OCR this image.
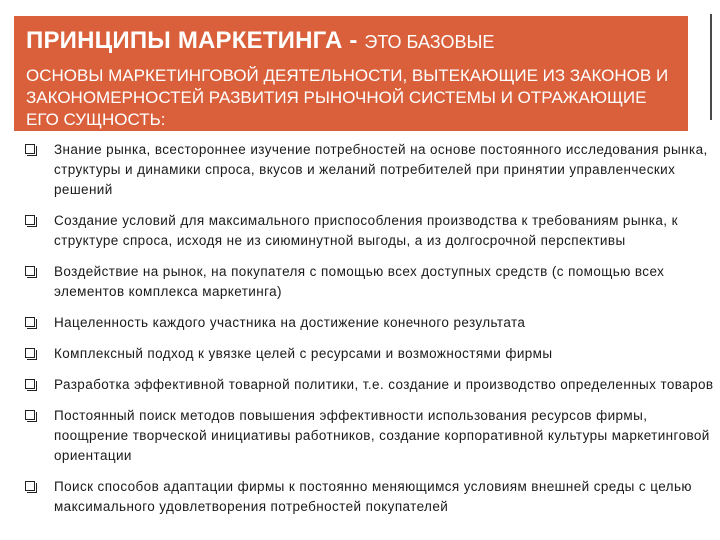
ПРИНЦИПЫ МАРКЕТИНГА - ЭТО БАЗОВЫЕ
ОСНОВЫ МАРКЕТИНГОВОЙ ДЕЯТЕЛЬНОСТИ, ВЫТЕКАЮЩИЕ ИЗ ЗАКОНОВ И ЗАКОНОМЕРНОСТЕЙ РАЗВИТИЯ РЫНОЧНОЙ СИСТЕМЫ И ОТРАЖАЮЩИЕ ЕГО СУЩНОСТЬ:
Знание рынка, всестороннее изучение потребностей на основе постоянного исследования рынка, структуры и динамики спроса, вкусов и желаний потребителей при принятии управленческих решений
Создание условий для максимального приспособления производства к требованиям рынка, к структуре спроса, исходя не из сиюминутной выгоды, а из долгосрочной перспективы
Воздействие на рынок, на покупателя с помощью всех доступных средств (с помощью всех элементов комплекса маркетинга)
Нацеленность каждого участника на достижение конечного результата
Комплексный подход к увязке целей с ресурсами и возможностями фирмы
Разработка эффективной товарной политики, т.е. создание и производство определенных товаров
Постоянный поиск методов повышения эффективности использования ресурсов фирмы, поощрение творческой инициативы работников, создание корпоративной культуры маркетинговой ориентации
Поиск способов адаптации фирмы к постоянно меняющимся условиям внешней среды с целью максимального удовлетворения потребностей покупателей
